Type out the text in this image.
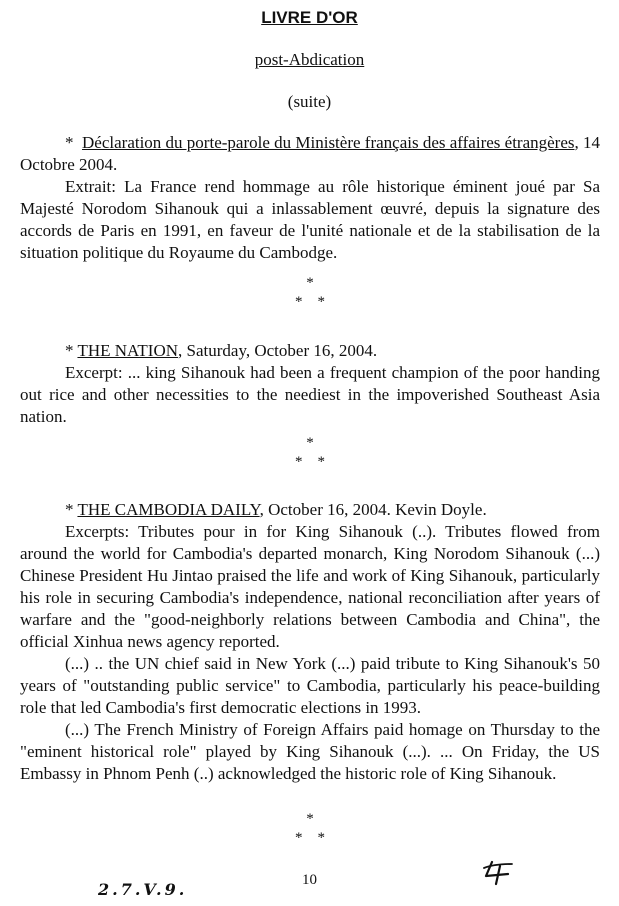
LIVRE D'OR
post-Abdication
(suite)

* Déclaration du porte-parole du Ministère français des affaires étrangères, 14 Octobre 2004.

Extrait: La France rend hommage au rôle historique éminent joué par Sa Majesté Norodom Sihanouk qui a inlassablement œuvré, depuis la signature des accords de Paris en 1991, en faveur de l'unité nationale et de la stabilisation de la situation politique du Royaume du Cambodge.

*
*    *

* THE NATION, Saturday, October 16, 2004.

Excerpt: ... king Sihanouk had been a frequent champion of the poor handing out rice and other necessities to the neediest in the impoverished Southeast Asia nation.

*
*    *

* THE CAMBODIA DAILY, October 16, 2004. Kevin Doyle.

Excerpts: Tributes pour in for King Sihanouk (..). Tributes flowed from around the world for Cambodia's departed monarch, King Norodom Sihanouk (...) Chinese President Hu Jintao praised the life and work of King Sihanouk, particularly his role in securing Cambodia's independence, national reconciliation after years of warfare and the "good-neighborly relations between Cambodia and China", the official Xinhua news agency reported.

(...) .. the UN chief said in New York (...) paid tribute to King Sihanouk's 50 years of "outstanding public service" to Cambodia, particularly his peace-building role that led Cambodia's first democratic elections in 1993.

(...) The French Ministry of Foreign Affairs paid homage on Thursday to the "eminent historical role" played by King Sihanouk (...). ... On Friday, the US Embassy in Phnom Penh (..) acknowledged the historic role of King Sihanouk.

*
*    *
10
2.7.V.9.
